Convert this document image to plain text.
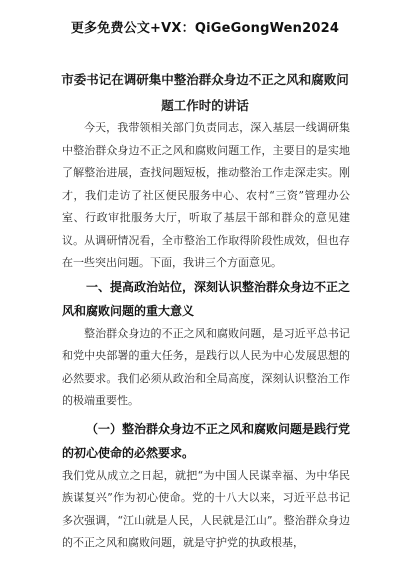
更多免费公文+VX：QiGeGongWen2024
市委书记在调研集中整治群众身边不正之风和腐败问题工作时的讲话

今天，我带领相关部门负责同志，深入基层一线调研集中整治群众身边不正之风和腐败问题工作，主要目的是实地了解整治进展，查找问题短板，推动整治工作走深走实。刚才，我们走访了社区便民服务中心、农村“三资”管理办公室、行政审批服务大厅，听取了基层干部和群众的意见建议。从调研情况看，全市整治工作取得阶段性成效，但也存在一些突出问题。下面，我讲三个方面意见。

一、提高政治站位，深刻认识整治群众身边不正之风和腐败问题的重大意义

整治群众身边的不正之风和腐败问题，是习近平总书记和党中央部署的重大任务，是践行以人民为中心发展思想的必然要求。我们必须从政治和全局高度，深刻认识整治工作的极端重要性。

（一）整治群众身边不正之风和腐败问题是践行党的初心使命的必然要求。

我们党从成立之日起，就把“为中国人民谋幸福、为中华民族谋复兴”作为初心使命。党的十八大以来，习近平总书记多次强调，“江山就是人民，人民就是江山”。整治群众身边的不正之风和腐败问题，就是守护党的执政根基，
